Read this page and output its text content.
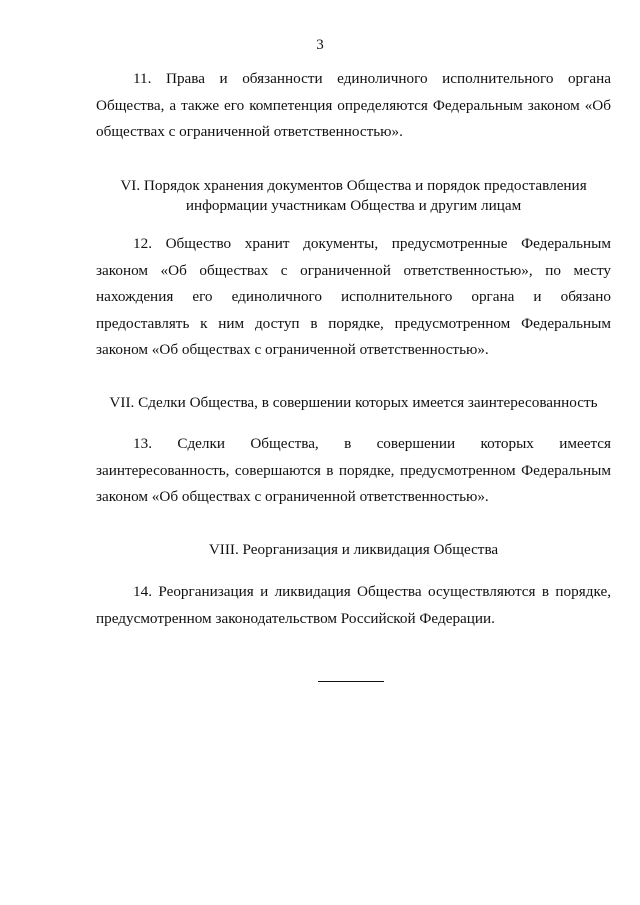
3

11. Права и обязанности единоличного исполнительного органа Общества, а также его компетенция определяются Федеральным законом «Об обществах с ограниченной ответственностью».

VI. Порядок хранения документов Общества и порядок предоставления
информации участникам Общества и другим лицам

12. Общество хранит документы, предусмотренные Федеральным законом «Об обществах с ограниченной ответственностью», по месту нахождения его единоличного исполнительного органа и обязано предоставлять к ним доступ в порядке, предусмотренном Федеральным законом «Об обществах с ограниченной ответственностью».

VII. Сделки Общества, в совершении которых имеется заинтересованность

13. Сделки Общества, в совершении которых имеется заинтересованность, совершаются в порядке, предусмотренном Федеральным законом «Об обществах с ограниченной ответственностью».

VIII. Реорганизация и ликвидация Общества

14. Реорганизация и ликвидация Общества осуществляются в порядке, предусмотренном законодательством Российской Федерации.
